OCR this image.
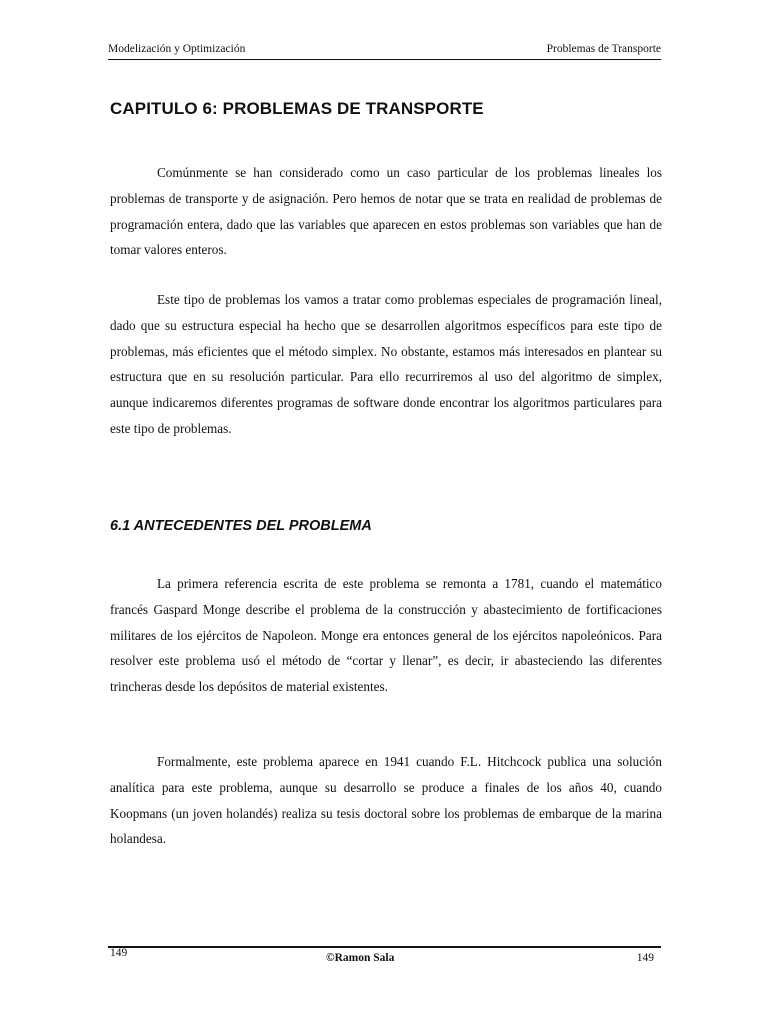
Modelización y Optimización	Problemas de Transporte
CAPITULO 6: PROBLEMAS DE TRANSPORTE

Comúnmente se han considerado como un caso particular de los problemas lineales los problemas de transporte y de asignación. Pero hemos de notar que se trata en realidad de problemas de programación entera, dado que las variables que aparecen en estos problemas son variables que han de tomar valores enteros.

Este tipo de problemas los vamos a tratar como problemas especiales de programación lineal, dado que su estructura especial ha hecho que se desarrollen algoritmos específicos para este tipo de problemas, más eficientes que el método simplex. No obstante, estamos más interesados en plantear su estructura que en su resolución particular. Para ello recurriremos al uso del algoritmo de simplex, aunque indicaremos diferentes programas de software donde encontrar los algoritmos particulares para este tipo de problemas.

6.1 ANTECEDENTES DEL PROBLEMA

La primera referencia escrita de este problema se remonta a 1781, cuando el matemático francés Gaspard Monge describe el problema de la construcción y abastecimiento de fortificaciones militares de los ejércitos de Napoleon. Monge era entonces general de los ejércitos napoleónicos. Para resolver este problema usó el método de “cortar y llenar”, es decir, ir abasteciendo las diferentes trincheras desde los depósitos de material existentes.

Formalmente, este problema aparece en 1941 cuando F.L. Hitchcock publica una solución analítica para este problema, aunque su desarrollo se produce a finales de los años 40, cuando Koopmans (un joven holandés) realiza su tesis doctoral sobre los problemas de embarque de la marina holandesa.

149	©Ramon Sala	149
